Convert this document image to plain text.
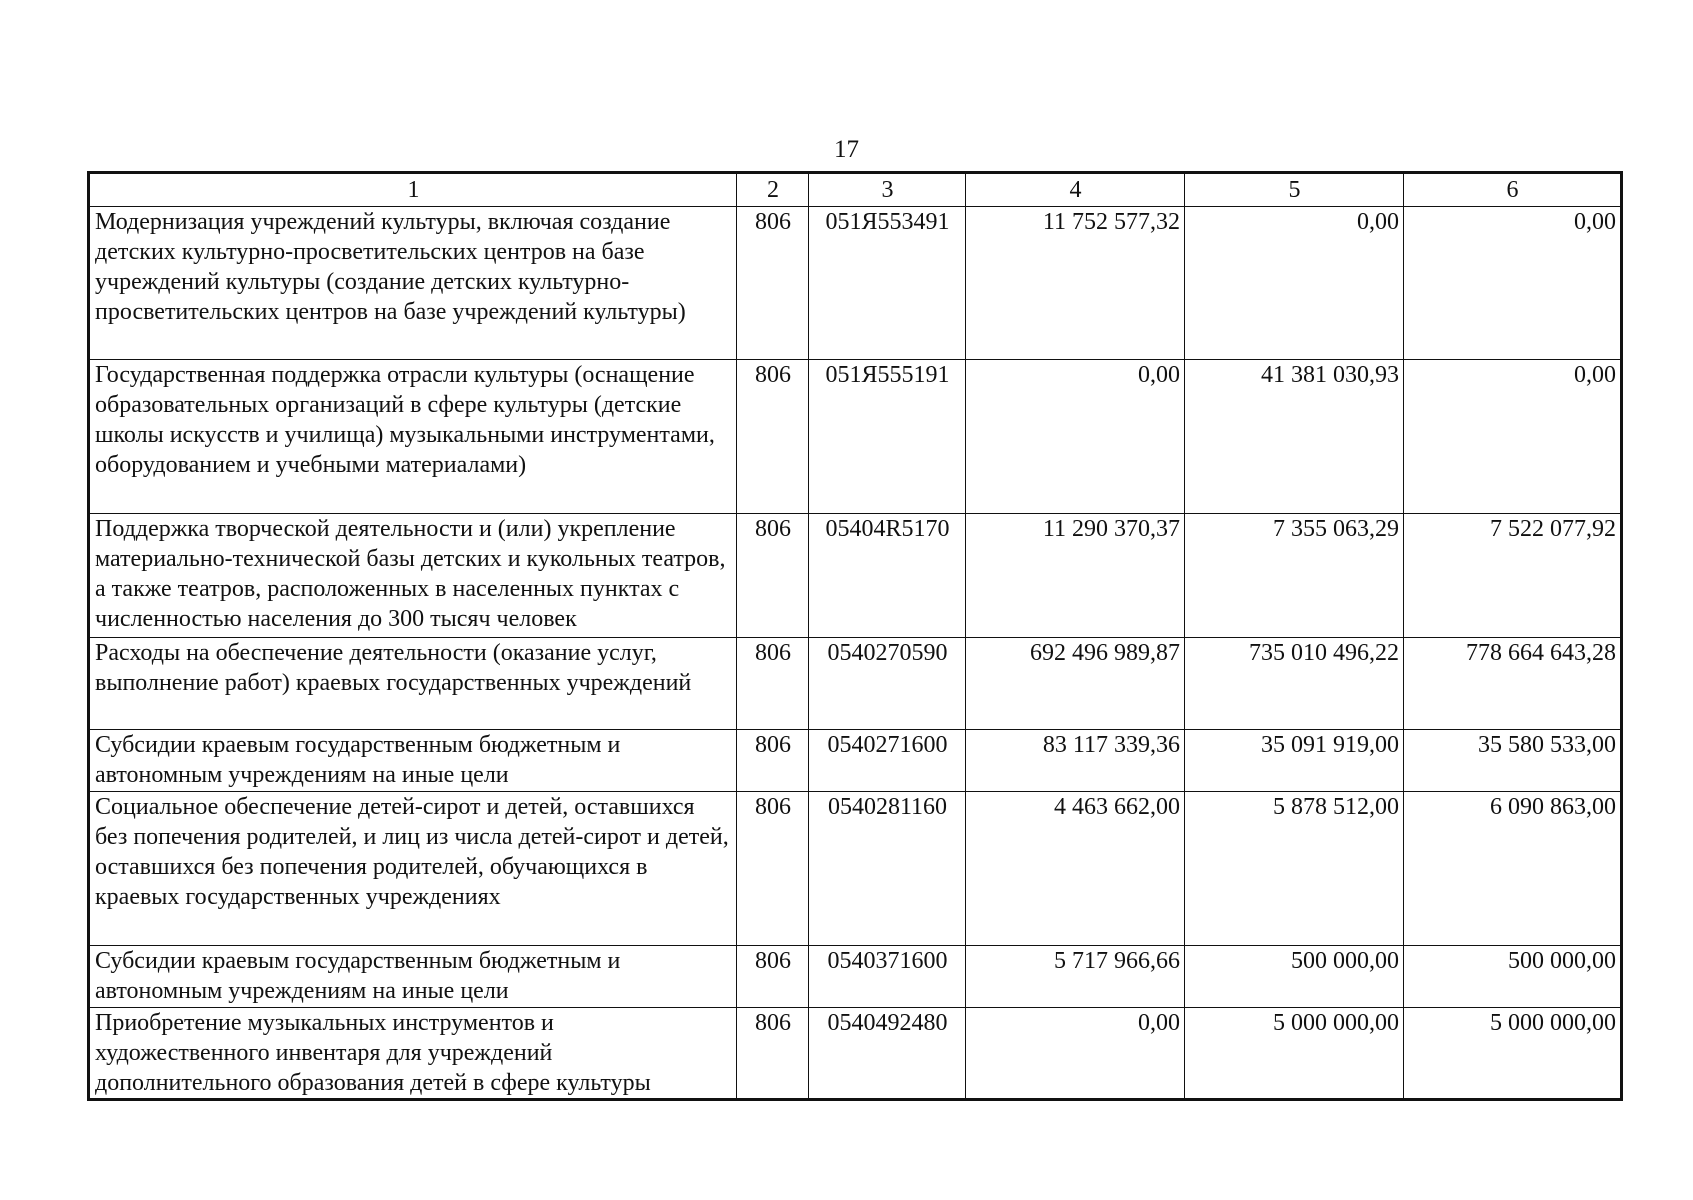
17
1	2	3	4	5	6
Модернизация учреждений культуры, включая создание детских культурно-просветительских центров на базе учреждений культуры (создание детских культурно-просветительских центров на базе учреждений культуры)	806	051Я553491	11 752 577,32	0,00	0,00
Государственная поддержка отрасли культуры (оснащение образовательных организаций в сфере культуры (детские школы искусств и училища) музыкальными инструментами, оборудованием и учебными материалами)	806	051Я555191	0,00	41 381 030,93	0,00
Поддержка творческой деятельности и (или) укрепление материально-технической базы детских и кукольных театров, а также театров, расположенных в населенных пунктах с численностью населения до 300 тысяч человек	806	05404R5170	11 290 370,37	7 355 063,29	7 522 077,92
Расходы на обеспечение деятельности (оказание услуг, выполнение работ) краевых государственных учреждений	806	0540270590	692 496 989,87	735 010 496,22	778 664 643,28
Субсидии краевым государственным бюджетным и автономным учреждениям на иные цели	806	0540271600	83 117 339,36	35 091 919,00	35 580 533,00
Социальное обеспечение детей-сирот и детей, оставшихся без попечения родителей, и лиц из числа детей-сирот и детей, оставшихся без попечения родителей, обучающихся в краевых государственных учреждениях	806	0540281160	4 463 662,00	5 878 512,00	6 090 863,00
Субсидии краевым государственным бюджетным и автономным учреждениям на иные цели	806	0540371600	5 717 966,66	500 000,00	500 000,00
Приобретение музыкальных инструментов и художественного инвентаря для учреждений дополнительного образования детей в сфере культуры	806	0540492480	0,00	5 000 000,00	5 000 000,00
